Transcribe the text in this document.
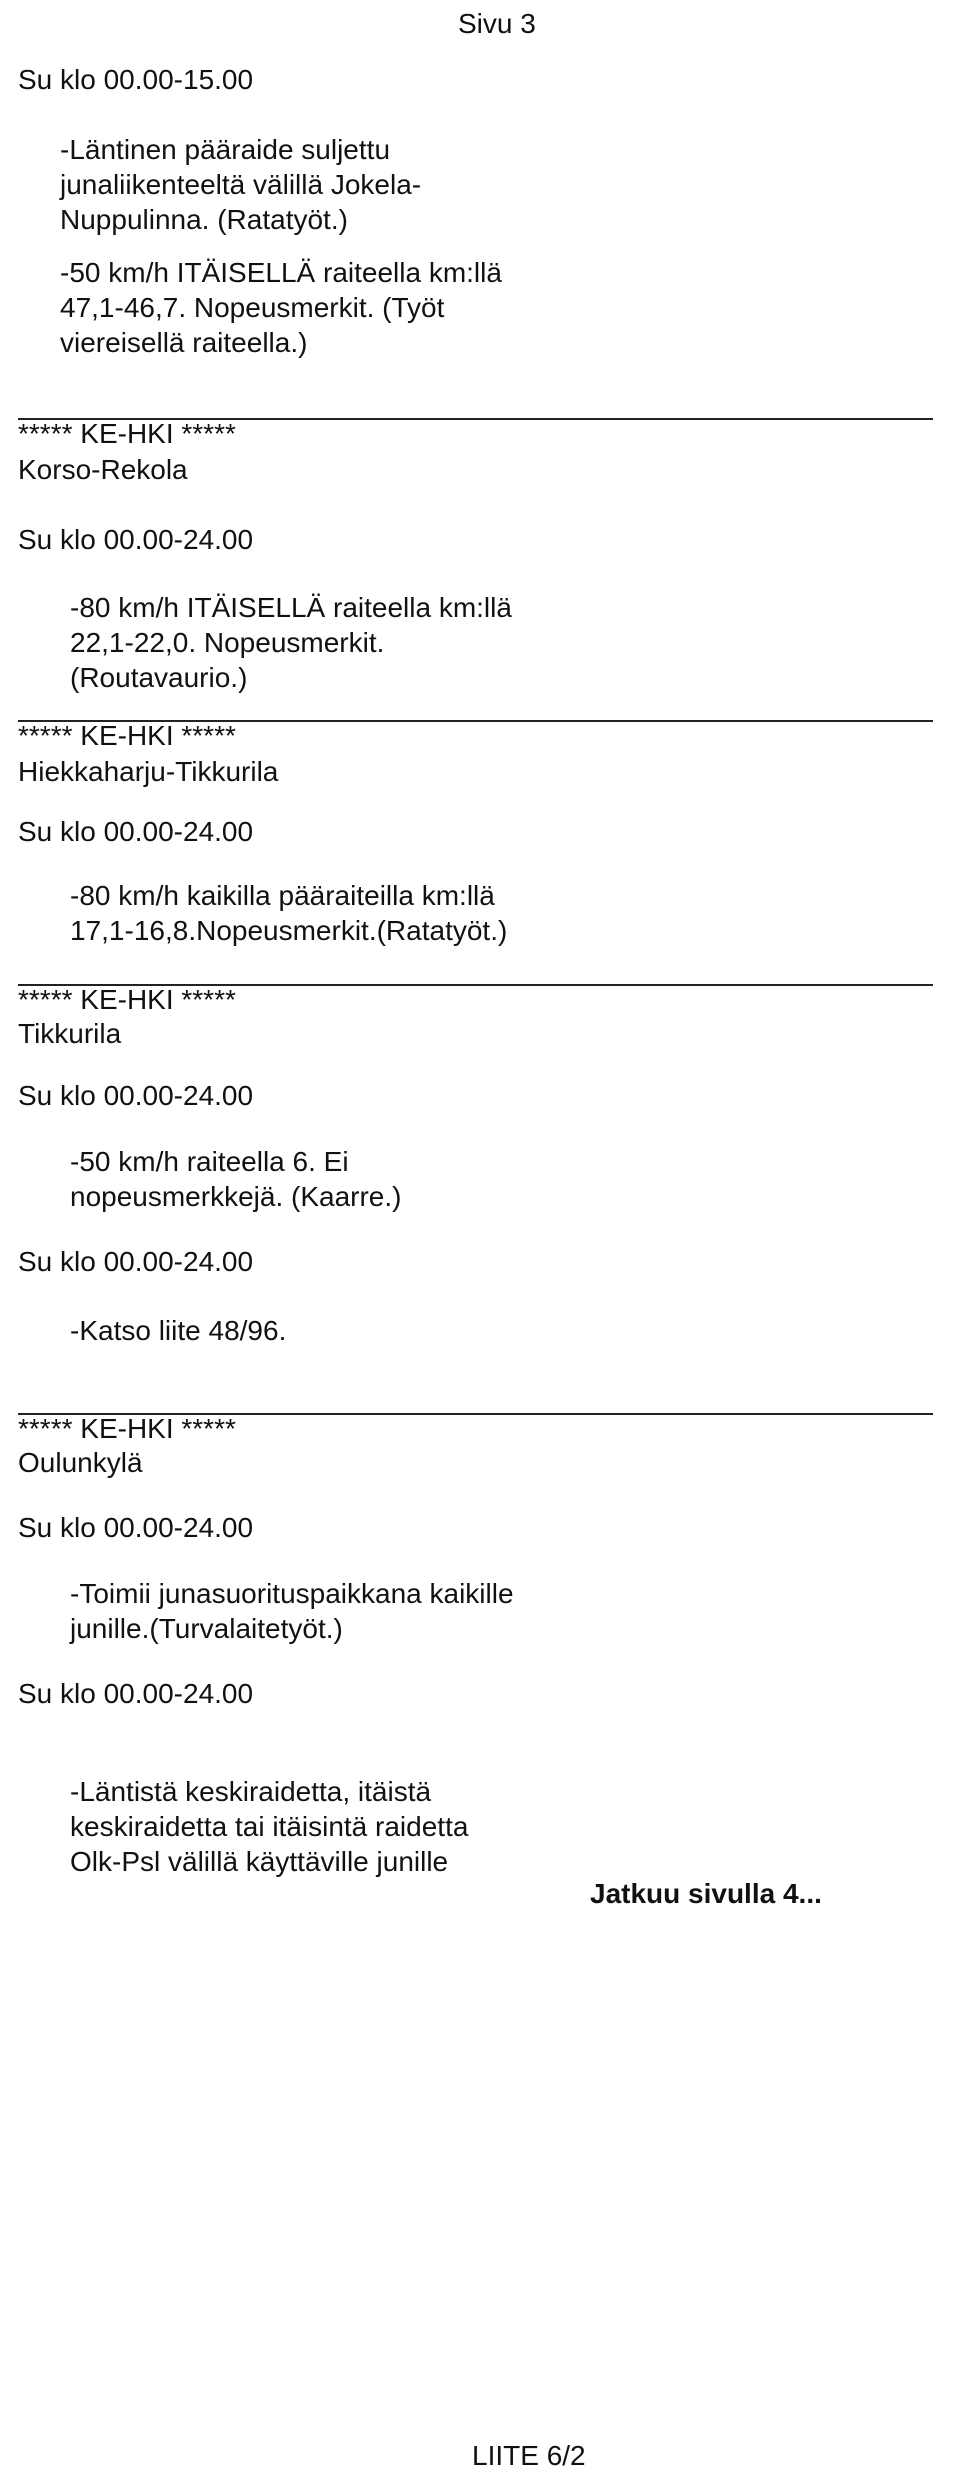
Sivu 3
Su klo 00.00-15.00
-Läntinen pääraide suljettu
junaliikenteeltä välillä Jokela-
Nuppulinna. (Ratatyöt.)
-50 km/h ITÄISELLÄ raiteella km:llä
47,1-46,7. Nopeusmerkit. (Työt
viereisellä raiteella.)
***** KE-HKI *****
Korso-Rekola
Su klo 00.00-24.00
-80 km/h ITÄISELLÄ raiteella km:llä
22,1-22,0. Nopeusmerkit.
(Routavaurio.)
***** KE-HKI *****
Hiekkaharju-Tikkurila
Su klo 00.00-24.00
-80 km/h kaikilla pääraiteilla km:llä
17,1-16,8.Nopeusmerkit.(Ratatyöt.)
***** KE-HKI *****
Tikkurila
Su klo 00.00-24.00
-50 km/h raiteella 6. Ei
nopeusmerkkejä. (Kaarre.)
Su klo 00.00-24.00
-Katso liite 48/96.
***** KE-HKI *****
Oulunkylä
Su klo 00.00-24.00
-Toimii junasuorituspaikkana kaikille
junille.(Turvalaitetyöt.)
Su klo 00.00-24.00
-Läntistä keskiraidetta, itäistä
keskiraidetta tai itäisintä raidetta
Olk-Psl välillä käyttäville junille
Jatkuu sivulla 4...
LIITE 6/2
